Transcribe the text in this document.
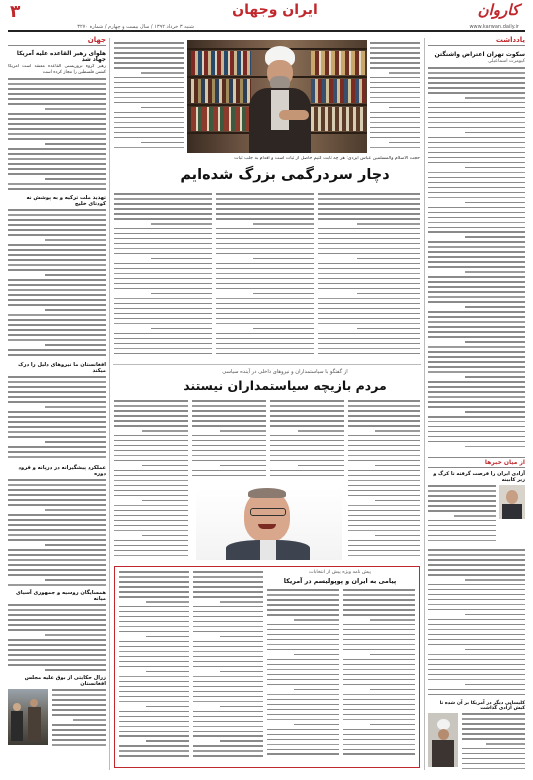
۳	ایران وجهان	کاروان
شنبه ۳ خرداد ۱۳۹۲ / سال بیست و چهارم / شماره ۳۲۷۰	www.karwan.daily.ir
جهان
هلوای رهبر القاعده علیه آمریکا جهاد شد
رهبر گروه تروریستی القاعده معتقد است آمریکا کشتن فلسطین را مجاز کرده است
تهدید ملت ترکیه و به پوشش نه کودتای خلیج
افغانستان ما نیروهای دلیل را درک میکند
عملکرد پیشگیرانه در درپانه و فرود دوره
همسایگان روسیه و جمهوری آسیای میانه
زرال حکایتی از بوق علیه مجلس افغانستان
یادداشت
سکوت تهران اعتراض واشنگتن
کیومرث اسماعیلی
از میان خبرها
آزادی ایران را فرصت گرفته تا کرگ و زیر کابینه
کلیسایی دیگر در آمریکا بر آن شده تا کیش آزادی گذاشت
حجت الاسلام والمسلمین عباس ایزدی: هر چه ثابت کنیم حاصل از ثبات است و اقدام به جلب ثبات
دچار سردرگمی بزرگ شده‌ایم
از گفتگو با سیاستمداران و نیروهای داخلی در آینده سیاسی
مردم بازیچه سیاستمداران نیستند
پیش نامه ویژه پیش از انتخابات
پیامی به ایران و پوپولیسم در آمریکا
